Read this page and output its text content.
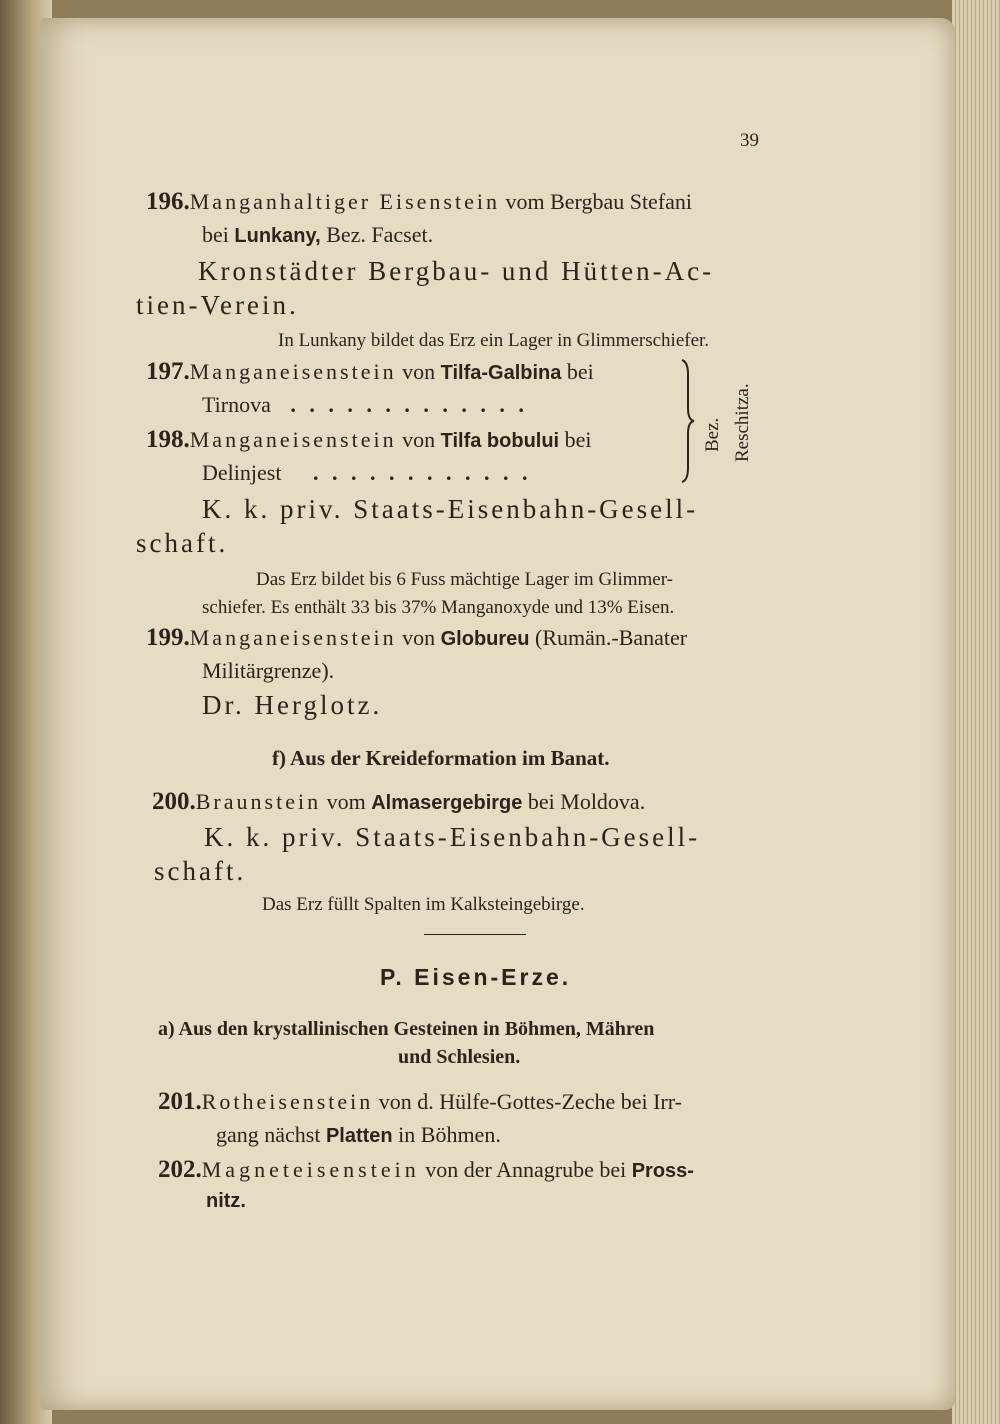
39
196.Manganhaltiger Eisenstein vom Bergbau Stefani
bei Lunkany, Bez. Facset.
Kronstädter Bergbau- und Hütten-Ac-
tien-Verein.
In Lunkany bildet das Erz ein Lager in Glimmerschiefer.
197.Manganeisenstein von Tilfa-Galbina bei
Tirnova . . . . . . . . . . . . .
198.Manganeisenstein von Tilfa bobului bei
Delinjest . . . . . . . . . . . .
Bez. Reschitza.
K. k. priv. Staats-Eisenbahn-Gesell-
schaft.
Das Erz bildet bis 6 Fuss mächtige Lager im Glimmer-
schiefer. Es enthält 33 bis 37% Manganoxyde und 13% Eisen.
199.Manganeisenstein von Globureu (Rumän.-Banater
Militärgrenze).
Dr. Herglotz.
f) Aus der Kreideformation im Banat.
200.Braunstein vom Almasergebirge bei Moldova.
K. k. priv. Staats-Eisenbahn-Gesell-
schaft.
Das Erz füllt Spalten im Kalksteingebirge.
P. Eisen-Erze.
a) Aus den krystallinischen Gesteinen in Böhmen, Mähren
und Schlesien.
201.Rotheisenstein von d. Hülfe-Gottes-Zeche bei Irr-
gang nächst Platten in Böhmen.
202.Magneteisenstein von der Annagrube bei Pross-
nitz.
